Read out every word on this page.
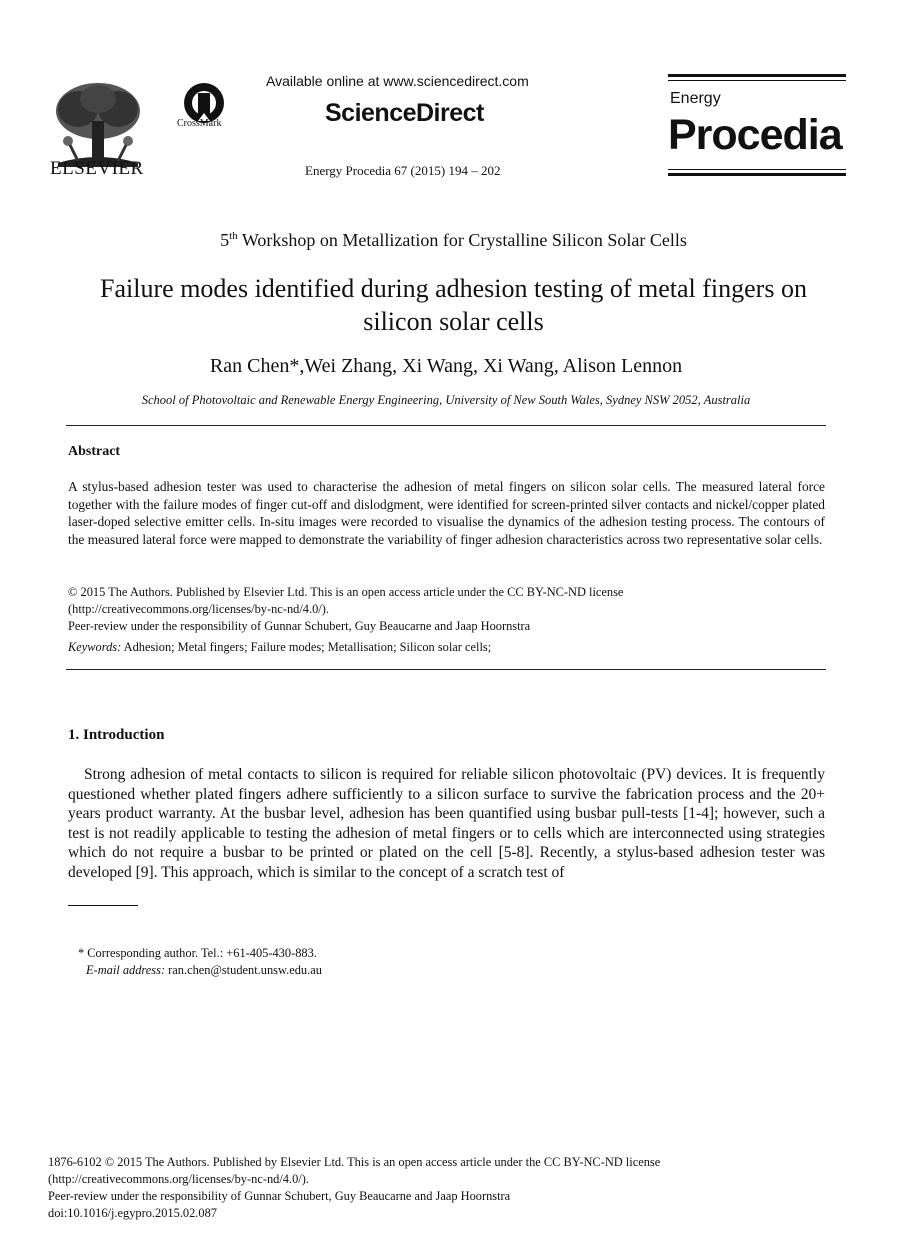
ELSEVIER
CrossMark
Available online at www.sciencedirect.com
ScienceDirect
Energy Procedia 67 (2015) 194 – 202
Energy
Procedia
5th Workshop on Metallization for Crystalline Silicon Solar Cells
Failure modes identified during adhesion testing of metal fingers on
silicon solar cells
Ran Chen*,Wei Zhang, Xi Wang, Xi Wang, Alison Lennon
School of Photovoltaic and Renewable Energy Engineering, University of New South Wales, Sydney NSW 2052, Australia
Abstract
A stylus-based adhesion tester was used to characterise the adhesion of metal fingers on silicon solar cells. The measured lateral force together with the failure modes of finger cut-off and dislodgment, were identified for screen-printed silver contacts and nickel/copper plated laser-doped selective emitter cells. In-situ images were recorded to visualise the dynamics of the adhesion testing process. The contours of the measured lateral force were mapped to demonstrate the variability of finger adhesion characteristics across two representative solar cells.
© 2015 The Authors. Published by Elsevier Ltd. This is an open access article under the CC BY-NC-ND license
(http://creativecommons.org/licenses/by-nc-nd/4.0/).
Peer-review under the responsibility of Gunnar Schubert, Guy Beaucarne and Jaap Hoornstra
Keywords: Adhesion; Metal fingers; Failure modes; Metallisation; Silicon solar cells;
1. Introduction
Strong adhesion of metal contacts to silicon is required for reliable silicon photovoltaic (PV) devices. It is frequently questioned whether plated fingers adhere sufficiently to a silicon surface to survive the fabrication process and the 20+ years product warranty. At the busbar level, adhesion has been quantified using busbar pull-tests [1-4]; however, such a test is not readily applicable to testing the adhesion of metal fingers or to cells which are interconnected using strategies which do not require a busbar to be printed or plated on the cell [5-8]. Recently, a stylus-based adhesion tester was developed [9]. This approach, which is similar to the concept of a scratch test of
* Corresponding author. Tel.: +61-405-430-883.
E-mail address: ran.chen@student.unsw.edu.au
1876-6102 © 2015 The Authors. Published by Elsevier Ltd. This is an open access article under the CC BY-NC-ND license
(http://creativecommons.org/licenses/by-nc-nd/4.0/).
Peer-review under the responsibility of Gunnar Schubert, Guy Beaucarne and Jaap Hoornstra
doi:10.1016/j.egypro.2015.02.087
